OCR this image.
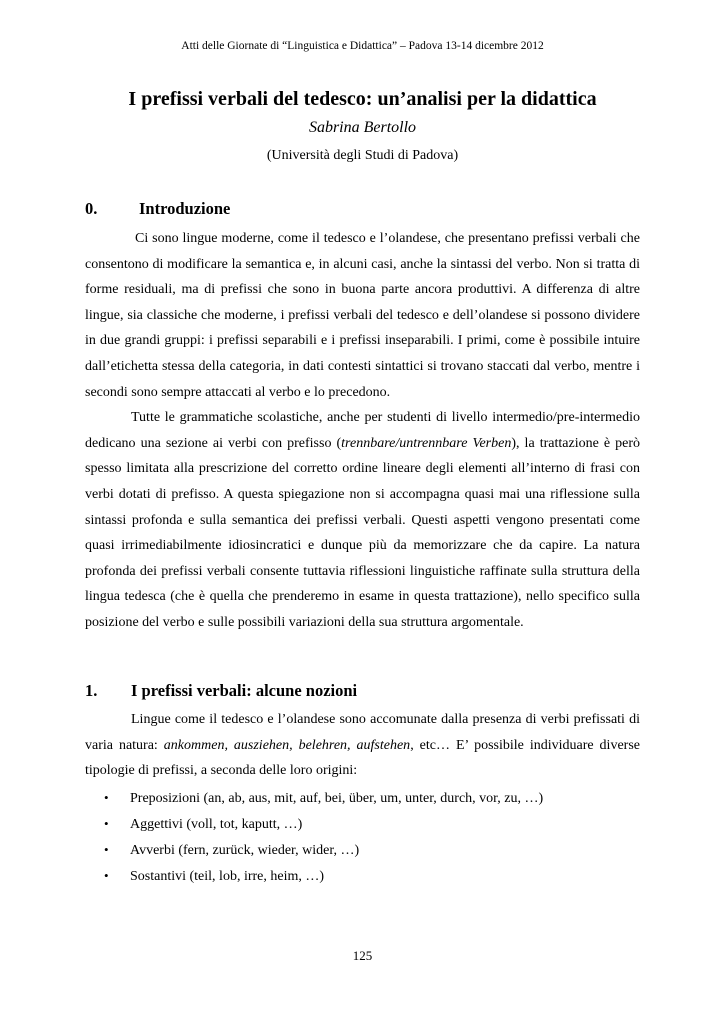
Atti delle Giornate di “Linguistica e Didattica” – Padova 13-14 dicembre 2012
I prefissi verbali del tedesco: un’analisi per la didattica
Sabrina Bertollo
(Università degli Studi di Padova)
0.	Introduzione

Ci sono lingue moderne, come il tedesco e l’olandese, che presentano prefissi verbali che consentono di modificare la semantica e, in alcuni casi, anche la sintassi del verbo. Non si tratta di forme residuali, ma di prefissi che sono in buona parte ancora produttivi. A differenza di altre lingue, sia classiche che moderne, i prefissi verbali del tedesco e dell’olandese si possono dividere in due grandi gruppi: i prefissi separabili e i prefissi inseparabili. I primi, come è possibile intuire dall’etichetta stessa della categoria, in dati contesti sintattici si trovano staccati dal verbo, mentre i secondi sono sempre attaccati al verbo e lo precedono.

Tutte le grammatiche scolastiche, anche per studenti di livello intermedio/pre-intermedio dedicano una sezione ai verbi con prefisso (trennbare/untrennbare Verben), la trattazione è però spesso limitata alla prescrizione del corretto ordine lineare degli elementi all’interno di frasi con verbi dotati di prefisso. A questa spiegazione non si accompagna quasi mai una riflessione sulla sintassi profonda e sulla semantica dei prefissi verbali. Questi aspetti vengono presentati come quasi irrimediabilmente idiosincratici e dunque più da memorizzare che da capire. La natura profonda dei prefissi verbali consente tuttavia riflessioni linguistiche raffinate sulla struttura della lingua tedesca (che è quella che prenderemo in esame in questa trattazione), nello specifico sulla posizione del verbo e sulle possibili variazioni della sua struttura argomentale.

1. I prefissi verbali: alcune nozioni

Lingue come il tedesco e l’olandese sono accomunate dalla presenza di verbi prefissati di varia natura: ankommen, ausziehen, belehren, aufstehen, etc… E’ possibile individuare diverse tipologie di prefissi, a seconda delle loro origini:

• Preposizioni (an, ab, aus, mit, auf, bei, über, um, unter, durch, vor, zu, …)
• Aggettivi (voll, tot, kaputt, …)
• Avverbi (fern, zurück, wieder, wider, …)
• Sostantivi (teil, lob, irre, heim, …)
125
